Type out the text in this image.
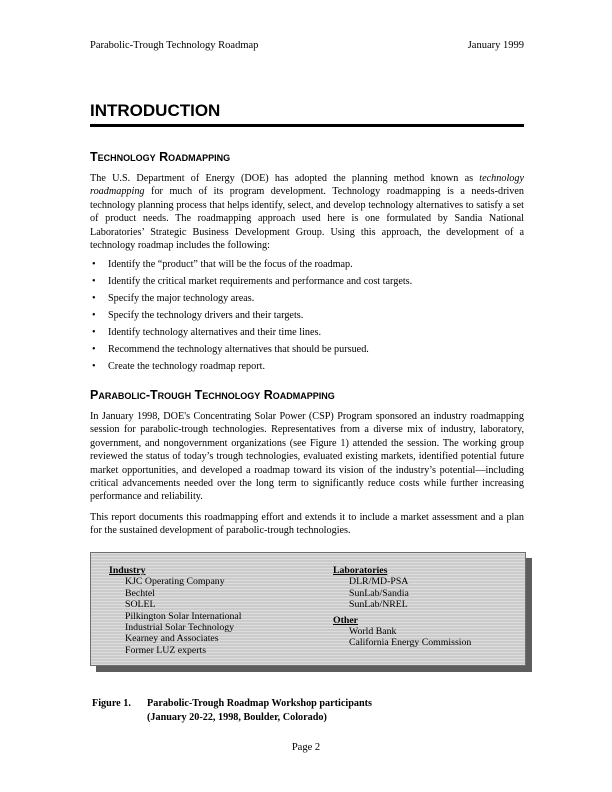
Parabolic-Trough Technology Roadmap	January 1999
INTRODUCTION
Technology Roadmapping

The U.S. Department of Energy (DOE) has adopted the planning method known as technology roadmapping for much of its program development. Technology roadmapping is a needs-driven technology planning process that helps identify, select, and develop technology alternatives to satisfy a set of product needs. The roadmapping approach used here is one formulated by Sandia National Laboratories’ Strategic Business Development Group. Using this approach, the development of a technology roadmap includes the following:

• Identify the “product” that will be the focus of the roadmap.
• Identify the critical market requirements and performance and cost targets.
• Specify the major technology areas.
• Specify the technology drivers and their targets.
• Identify technology alternatives and their time lines.
• Recommend the technology alternatives that should be pursued.
• Create the technology roadmap report.
Parabolic-Trough Technology Roadmapping

In January 1998, DOE's Concentrating Solar Power (CSP) Program sponsored an industry roadmapping session for parabolic-trough technologies. Representatives from a diverse mix of industry, laboratory, government, and nongovernment organizations (see Figure 1) attended the session. The working group reviewed the status of today’s trough technologies, evaluated existing markets, identified potential future market opportunities, and developed a roadmap toward its vision of the industry’s potential—including critical advancements needed over the long term to significantly reduce costs while further increasing performance and reliability.

This report documents this roadmapping effort and extends it to include a market assessment and a plan for the sustained development of parabolic-trough technologies.

Industry
KJC Operating Company
Bechtel
SOLEL
Pilkington Solar International
Industrial Solar Technology
Kearney and Associates
Former LUZ experts
Laboratories
DLR/MD-PSA
SunLab/Sandia
SunLab/NREL
Other
World Bank
California Energy Commission
Figure 1. Parabolic-Trough Roadmap Workshop participants
(January 20-22, 1998, Boulder, Colorado)
Page 2
